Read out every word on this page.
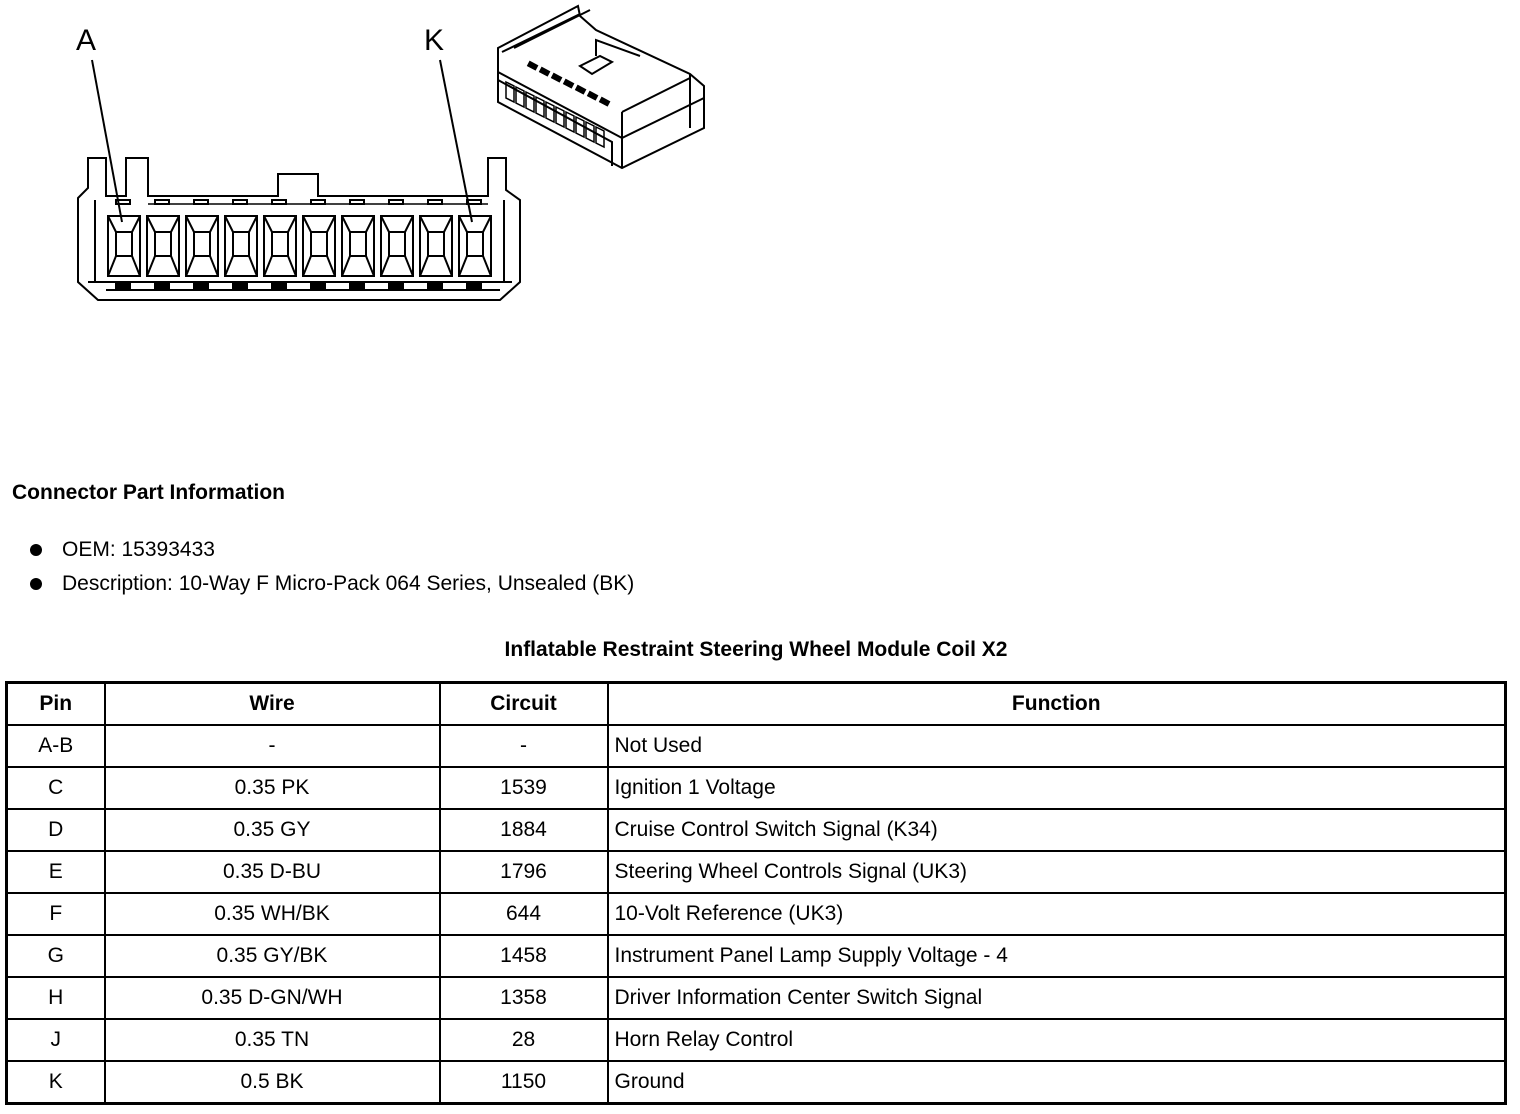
A	K
Connector Part Information
OEM: 15393433
Description: 10-Way F Micro-Pack 064 Series, Unsealed (BK)
Inflatable Restraint Steering Wheel Module Coil X2
Pin	Wire	Circuit	Function
A-B	-	-	Not Used
C	0.35 PK	1539	Ignition 1 Voltage
D	0.35 GY	1884	Cruise Control Switch Signal (K34)
E	0.35 D-BU	1796	Steering Wheel Controls Signal (UK3)
F	0.35 WH/BK	644	10-Volt Reference (UK3)
G	0.35 GY/BK	1458	Instrument Panel Lamp Supply Voltage - 4
H	0.35 D-GN/WH	1358	Driver Information Center Switch Signal
J	0.35 TN	28	Horn Relay Control
K	0.5 BK	1150	Ground
